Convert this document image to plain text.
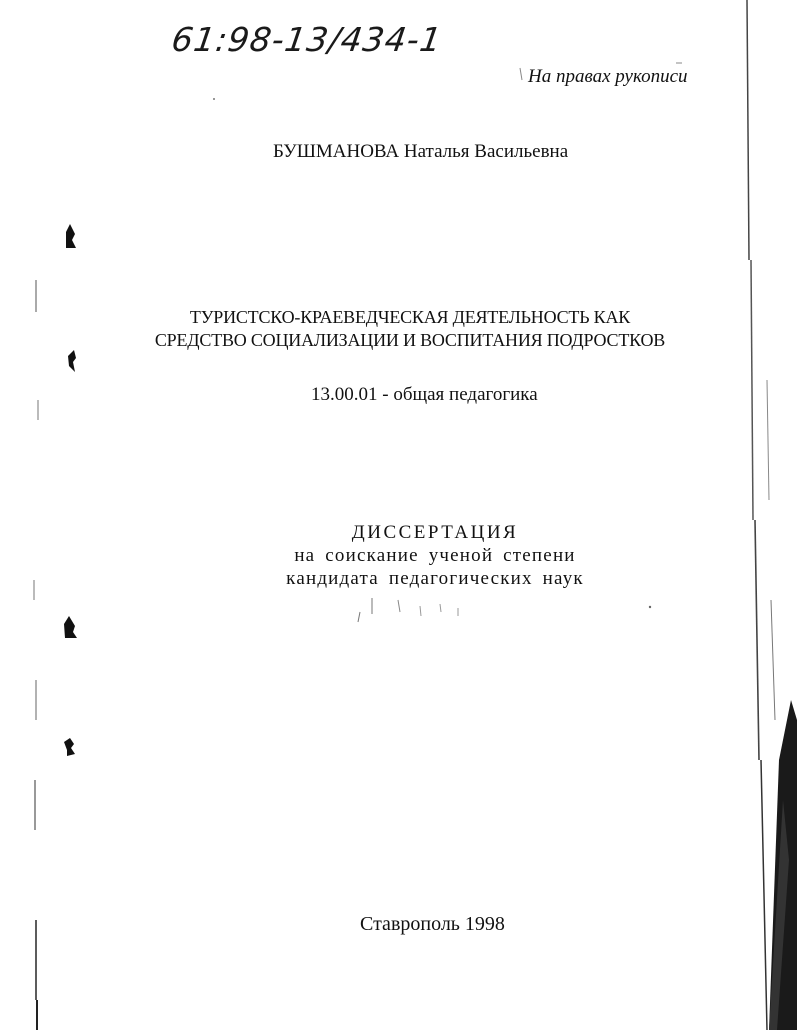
61:98-13/434-1
На правах рукописи
БУШМАНОВА Наталья Васильевна
ТУРИСТСКО-КРАЕВЕДЧЕСКАЯ ДЕЯТЕЛЬНОСТЬ КАК
СРЕДСТВО СОЦИАЛИЗАЦИИ И ВОСПИТАНИЯ ПОДРОСТКОВ
13.00.01 - общая педагогика
ДИССЕРТАЦИЯ
на соискание ученой степени
кандидата педагогических наук
Ставрополь 1998
